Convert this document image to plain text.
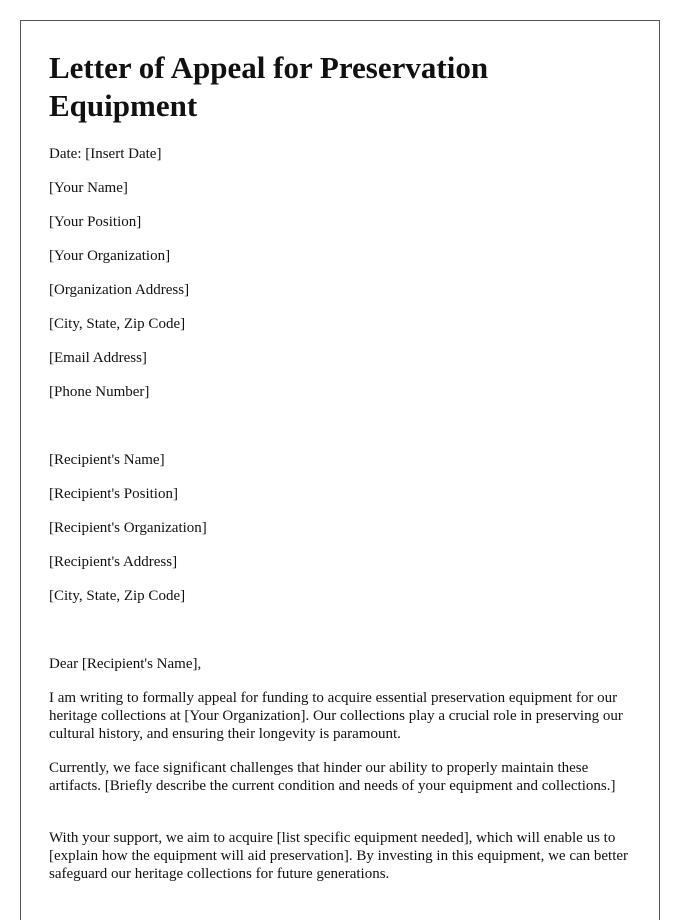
Letter of Appeal for Preservation Equipment
Date: [Insert Date]
[Your Name]
[Your Position]
[Your Organization]
[Organization Address]
[City, State, Zip Code]
[Email Address]
[Phone Number]
[Recipient's Name]
[Recipient's Position]
[Recipient's Organization]
[Recipient's Address]
[City, State, Zip Code]
Dear [Recipient's Name],

I am writing to formally appeal for funding to acquire essential preservation equipment for our heritage collections at [Your Organization]. Our collections play a crucial role in preserving our cultural history, and ensuring their longevity is paramount.

Currently, we face significant challenges that hinder our ability to properly maintain these artifacts. [Briefly describe the current condition and needs of your equipment and collections.]

With your support, we aim to acquire [list specific equipment needed], which will enable us to [explain how the equipment will aid preservation]. By investing in this equipment, we can better safeguard our heritage collections for future generations.
